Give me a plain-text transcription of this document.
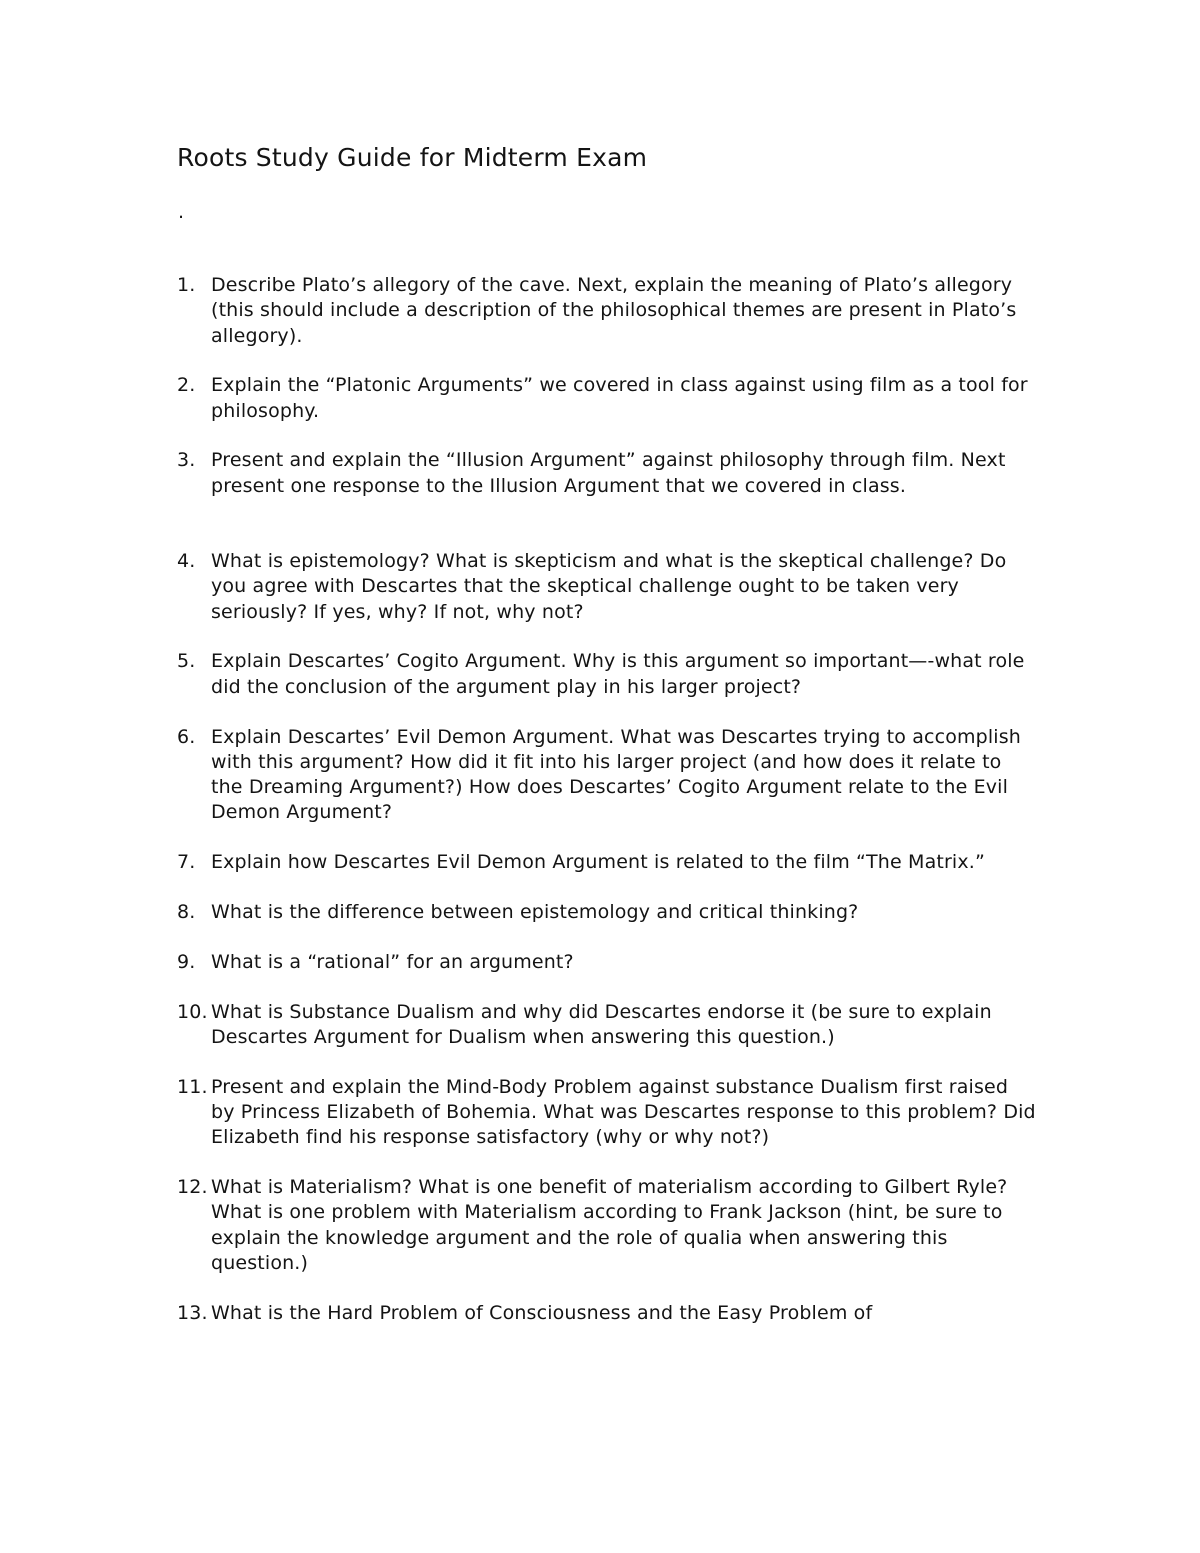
Roots Study Guide for Midterm Exam
.
1. Describe Plato’s allegory of the cave. Next, explain the meaning of Plato’s allegory (this should include a description of the philosophical themes are present in Plato’s allegory).
2. Explain the “Platonic Arguments” we covered in class against using film as a tool for philosophy.
3. Present and explain the “Illusion Argument” against philosophy through film. Next present one response to the Illusion Argument that we covered in class.
4. What is epistemology? What is skepticism and what is the skeptical challenge? Do you agree with Descartes that the skeptical challenge ought to be taken very seriously? If yes, why? If not, why not?
5. Explain Descartes’ Cogito Argument. Why is this argument so important—-what role did the conclusion of the argument play in his larger project?
6. Explain Descartes’ Evil Demon Argument. What was Descartes trying to accomplish with this argument? How did it fit into his larger project (and how does it relate to the Dreaming Argument?) How does Descartes’ Cogito Argument relate to the Evil Demon Argument?
7. Explain how Descartes Evil Demon Argument is related to the film “The Matrix.”
8. What is the difference between epistemology and critical thinking?
9. What is a “rational” for an argument?
10. What is Substance Dualism and why did Descartes endorse it (be sure to explain Descartes Argument for Dualism when answering this question.)
11. Present and explain the Mind-Body Problem against substance Dualism first raised by Princess Elizabeth of Bohemia. What was Descartes response to this problem? Did Elizabeth find his response satisfactory (why or why not?)
12. What is Materialism? What is one benefit of materialism according to Gilbert Ryle? What is one problem with Materialism according to Frank Jackson (hint, be sure to explain the knowledge argument and the role of qualia when answering this question.)
13. What is the Hard Problem of Consciousness and the Easy Problem of
